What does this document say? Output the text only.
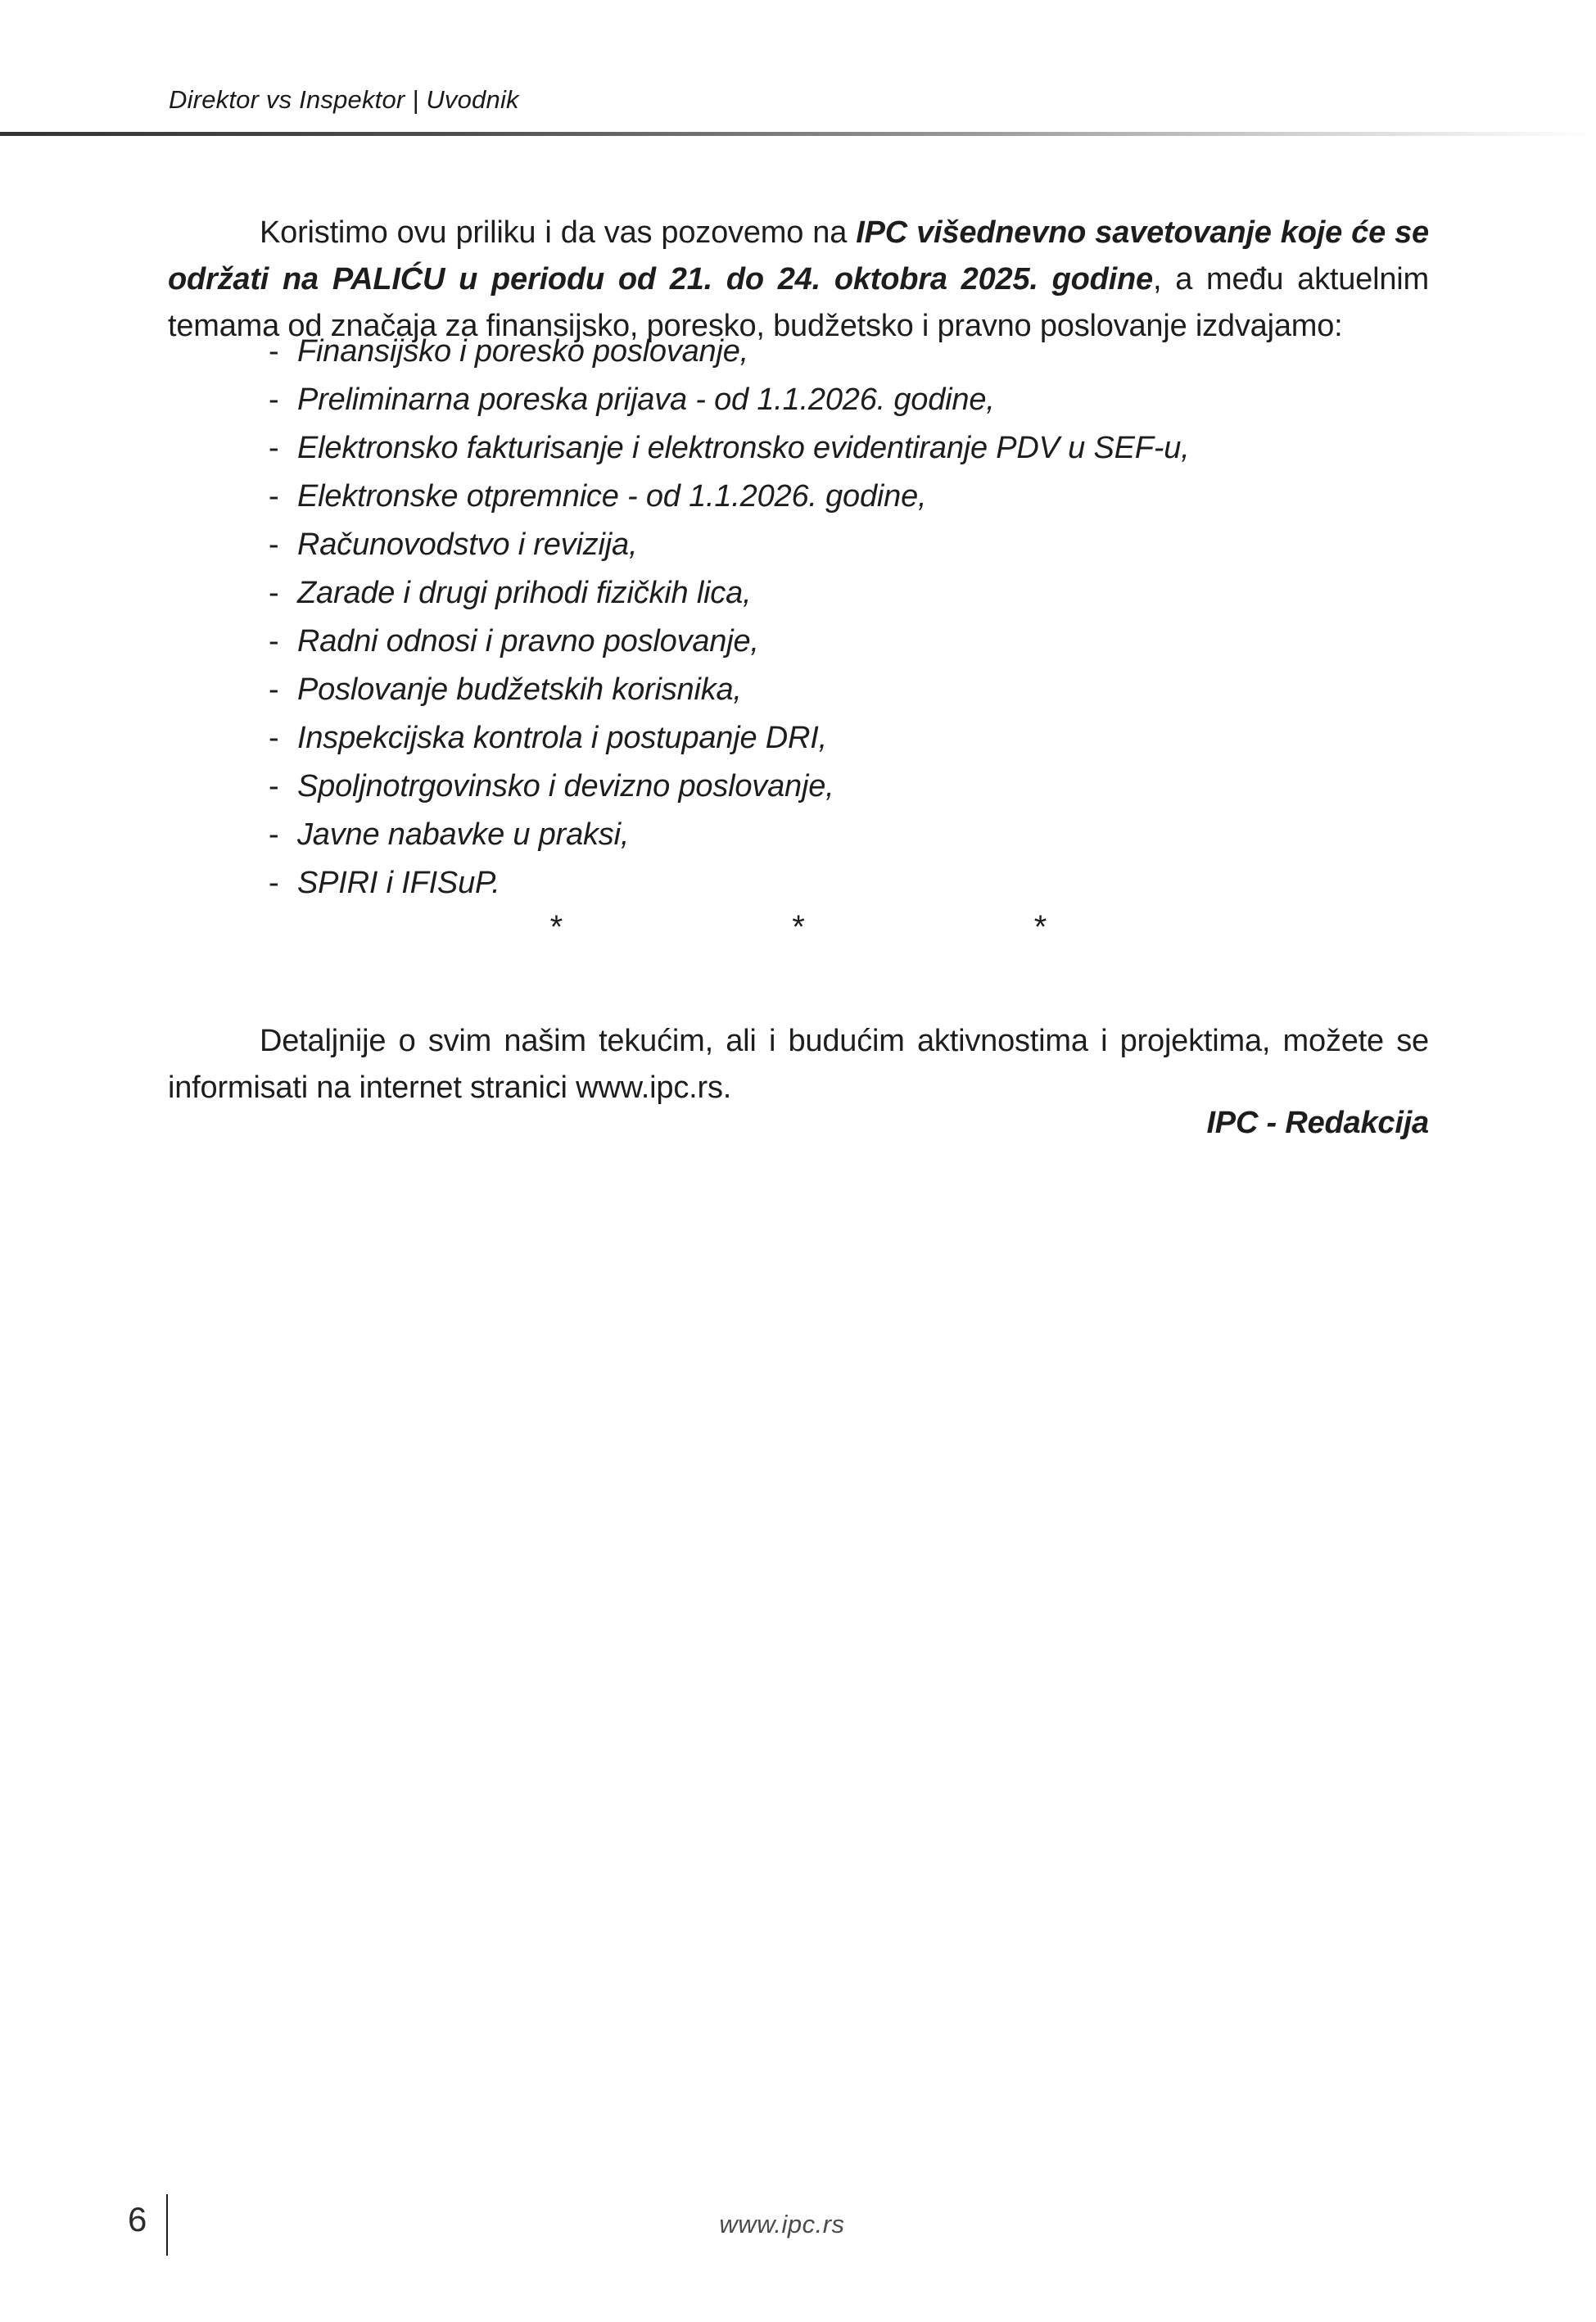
Direktor vs Inspektor | Uvodnik

Koristimo ovu priliku i da vas pozovemo na IPC višednevno savetovanje koje će se održati na PALIĆU u periodu od 21. do 24. oktobra 2025. godine, a među aktuelnim temama od značaja za finansijsko, poresko, budžetsko i pravno poslovanje izdvajamo:

- Finansijsko i poresko poslovanje,
- Preliminarna poreska prijava - od 1.1.2026. godine,
- Elektronsko fakturisanje i elektronsko evidentiranje PDV u SEF-u,
- Elektronske otpremnice - od 1.1.2026. godine,
- Računovodstvo i revizija,
- Zarade i drugi prihodi fizičkih lica,
- Radni odnosi i pravno poslovanje,
- Poslovanje budžetskih korisnika,
- Inspekcijska kontrola i postupanje DRI,
- Spoljnotrgovinsko i devizno poslovanje,
- Javne nabavke u praksi,
- SPIRI i IFISuP.
*	*	*

Detaljnije o svim našim tekućim, ali i budućim aktivnostima i projektima, možete se informisati na internet stranici www.ipc.rs.

IPC - Redakcija
6	www.ipc.rs
